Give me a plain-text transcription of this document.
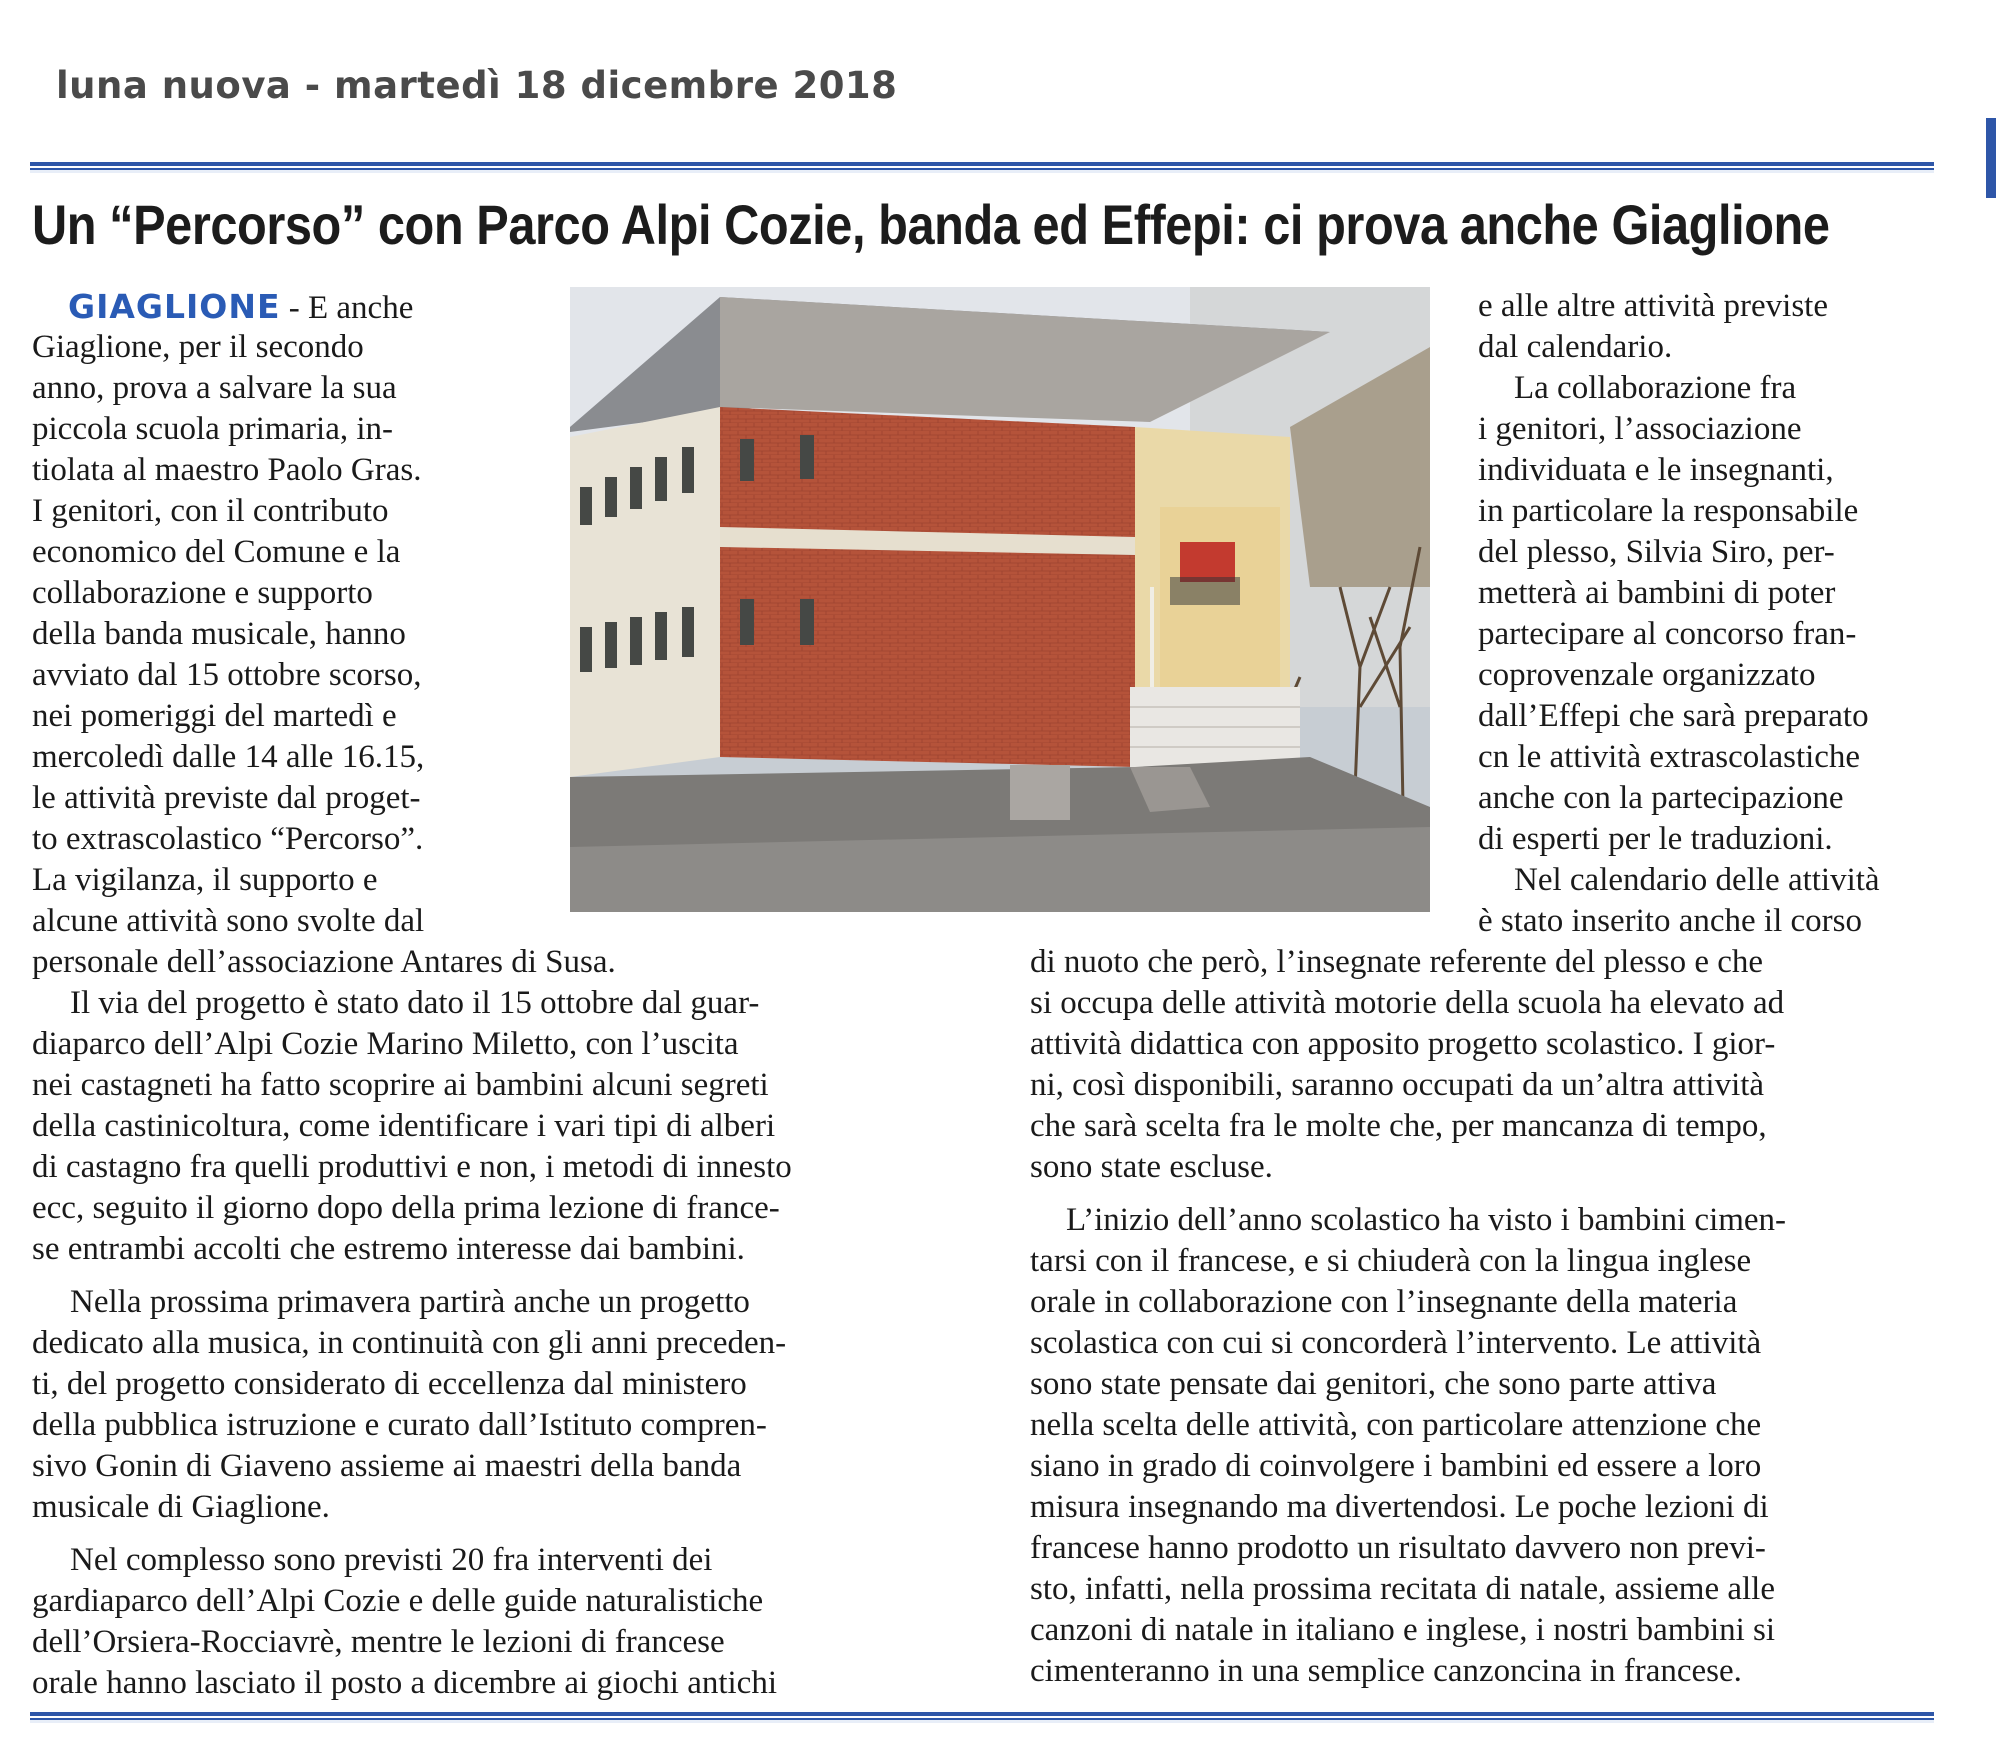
luna nuova - martedì 18 dicembre 2018
Un “Percorso” con Parco Alpi Cozie, banda ed Effepi: ci prova anche Giaglione
GIAGLIONE - E anche
Giaglione, per il secondo
anno, prova a salvare la sua
piccola scuola primaria, in-
tiolata al maestro Paolo Gras.
I genitori, con il contributo
economico del Comune e la
collaborazione e supporto
della banda musicale, hanno
avviato dal 15 ottobre scorso,
nei pomeriggi del martedì e
mercoledì dalle 14 alle 16.15,
le attività previste dal proget-
to extrascolastico “Percorso”.
La vigilanza, il supporto e
alcune attività sono svolte dal
personale dell’associazione Antares di Susa.
Il via del progetto è stato dato il 15 ottobre dal guar-
diaparco dell’Alpi Cozie Marino Miletto, con l’uscita
nei castagneti ha fatto scoprire ai bambini alcuni segreti
della castinicoltura, come identificare i vari tipi di alberi
di castagno fra quelli produttivi e non, i metodi di innesto
ecc, seguito il giorno dopo della prima lezione di france-
se entrambi accolti che estremo interesse dai bambini.
Nella prossima primavera partirà anche un progetto
dedicato alla musica, in continuità con gli anni preceden-
ti, del progetto considerato di eccellenza dal ministero
della pubblica istruzione e curato dall’Istituto compren-
sivo Gonin di Giaveno assieme ai maestri della banda
musicale di Giaglione.
Nel complesso sono previsti 20 fra interventi dei
gardiaparco dell’Alpi Cozie e delle guide naturalistiche
dell’Orsiera-Rocciavrè, mentre le lezioni di francese
orale hanno lasciato il posto a dicembre ai giochi antichi
e alle altre attività previste
dal calendario.
La collaborazione fra
i genitori, l’associazione
individuata e le insegnanti,
in particolare la responsabile
del plesso, Silvia Siro, per-
metterà ai bambini di poter
partecipare al concorso fran-
coprovenzale organizzato
dall’Effepi che sarà preparato
cn le attività extrascolastiche
anche con la partecipazione
di esperti per le traduzioni.
Nel calendario delle attività
è stato inserito anche il corso
di nuoto che però, l’insegnate referente del plesso e che
si occupa delle attività motorie della scuola ha elevato ad
attività didattica con apposito progetto scolastico. I gior-
ni, così disponibili, saranno occupati da un’altra attività
che sarà scelta fra le molte che, per mancanza di tempo,
sono state escluse.
L’inizio dell’anno scolastico ha visto i bambini cimen-
tarsi con il francese, e si chiuderà con la lingua inglese
orale in collaborazione con l’insegnante della materia
scolastica con cui si concorderà l’intervento. Le attività
sono state pensate dai genitori, che sono parte attiva
nella scelta delle attività, con particolare attenzione che
siano in grado di coinvolgere i bambini ed essere a loro
misura insegnando ma divertendosi. Le poche lezioni di
francese hanno prodotto un risultato davvero non previ-
sto, infatti, nella prossima recitata di natale, assieme alle
canzoni di natale in italiano e inglese, i nostri bambini si
cimenteranno in una semplice canzoncina in francese.
